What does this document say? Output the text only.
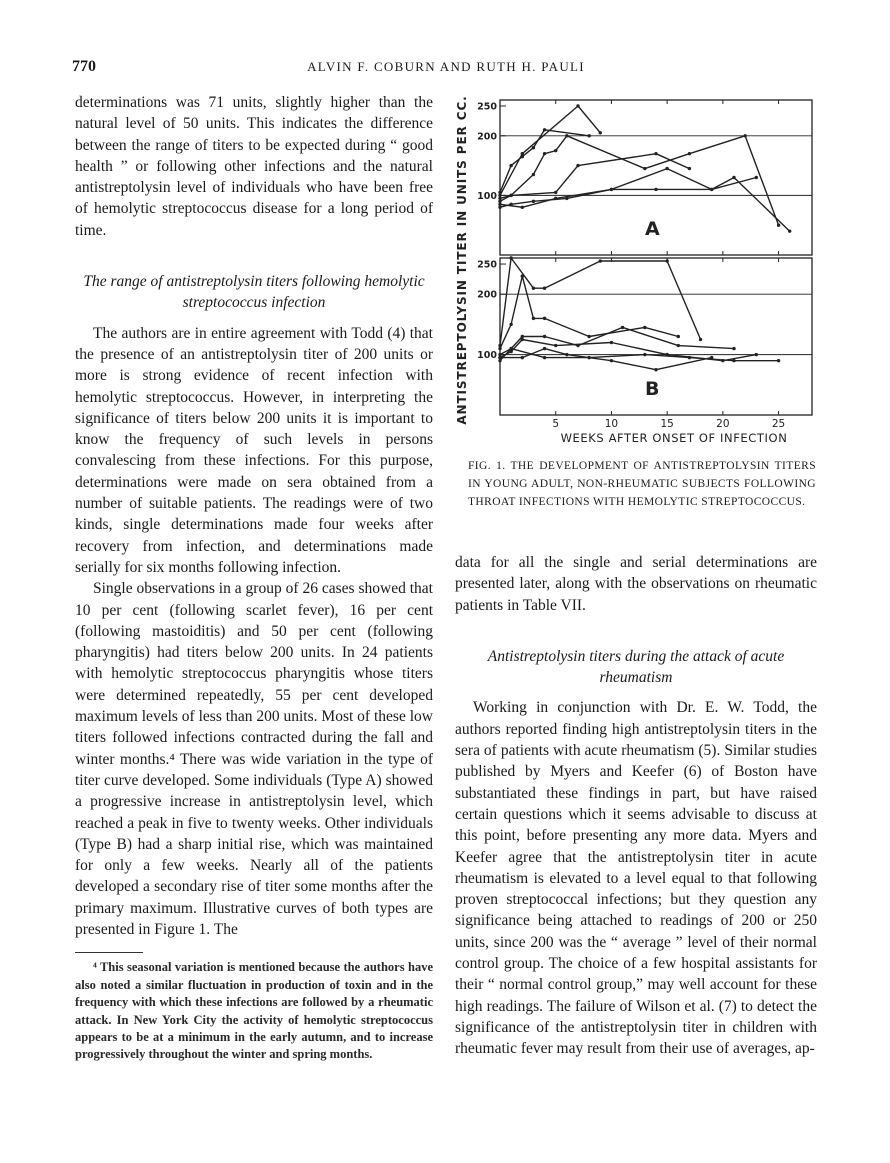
770	ALVIN F. COBURN AND RUTH H. PAULI

determinations was 71 units, slightly higher than the natural level of 50 units. This indicates the difference between the range of titers to be expected during “ good health ” or following other infections and the natural antistreptolysin level of individuals who have been free of hemolytic streptococcus disease for a long period of time.

The range of antistreptolysin titers following hemolytic streptococcus infection

The authors are in entire agreement with Todd (4) that the presence of an antistreptolysin titer of 200 units or more is strong evidence of recent infection with hemolytic streptococcus. However, in interpreting the significance of titers below 200 units it is important to know the frequency of such levels in persons convalescing from these infections. For this purpose, determinations were made on sera obtained from a number of suitable patients. The readings were of two kinds, single determinations made four weeks after recovery from infection, and determinations made serially for six months following infection.

Single observations in a group of 26 cases showed that 10 per cent (following scarlet fever), 16 per cent (following mastoiditis) and 50 per cent (following pharyngitis) had titers below 200 units. In 24 patients with hemolytic streptococcus pharyngitis whose titers were determined repeatedly, 55 per cent developed maximum levels of less than 200 units. Most of these low titers followed infections contracted during the fall and winter months.⁴ There was wide variation in the type of titer curve developed. Some individuals (Type A) showed a progressive increase in antistreptolysin level, which reached a peak in five to twenty weeks. Other individuals (Type B) had a sharp initial rise, which was maintained for only a few weeks. Nearly all of the patients developed a secondary rise of titer some months after the primary maximum. Illustrative curves of both types are presented in Figure 1. The

⁴ This seasonal variation is mentioned because the authors have also noted a similar fluctuation in production of toxin and in the frequency with which these infections are followed by a rheumatic attack. In New York City the activity of hemolytic streptococcus appears to be at a minimum in the early autumn, and to increase progressively throughout the winter and spring months.

100
200
250
A
100
200
250
B
5	10	15	20	25
WEEKS AFTER ONSET OF INFECTION
ANTISTREPTOLYSIN TITER IN UNITS PER CC.
FIG. 1. THE DEVELOPMENT OF ANTISTREPTOLYSIN TITERS IN YOUNG ADULT, NON-RHEUMATIC SUBJECTS FOLLOWING THROAT INFECTIONS WITH HEMOLYTIC STREPTOCOCCUS.

data for all the single and serial determinations are presented later, along with the observations on rheumatic patients in Table VII.

Antistreptolysin titers during the attack of acute rheumatism

Working in conjunction with Dr. E. W. Todd, the authors reported finding high antistreptolysin titers in the sera of patients with acute rheumatism (5). Similar studies published by Myers and Keefer (6) of Boston have substantiated these findings in part, but have raised certain questions which it seems advisable to discuss at this point, before presenting any more data. Myers and Keefer agree that the antistreptolysin titer in acute rheumatism is elevated to a level equal to that following proven streptococcal infections; but they question any significance being attached to readings of 200 or 250 units, since 200 was the “ average ” level of their normal control group. The choice of a few hospital assistants for their “ normal control group,” may well account for these high readings. The failure of Wilson et al. (7) to detect the significance of the antistreptolysin titer in children with rheumatic fever may result from their use of averages, ap-
